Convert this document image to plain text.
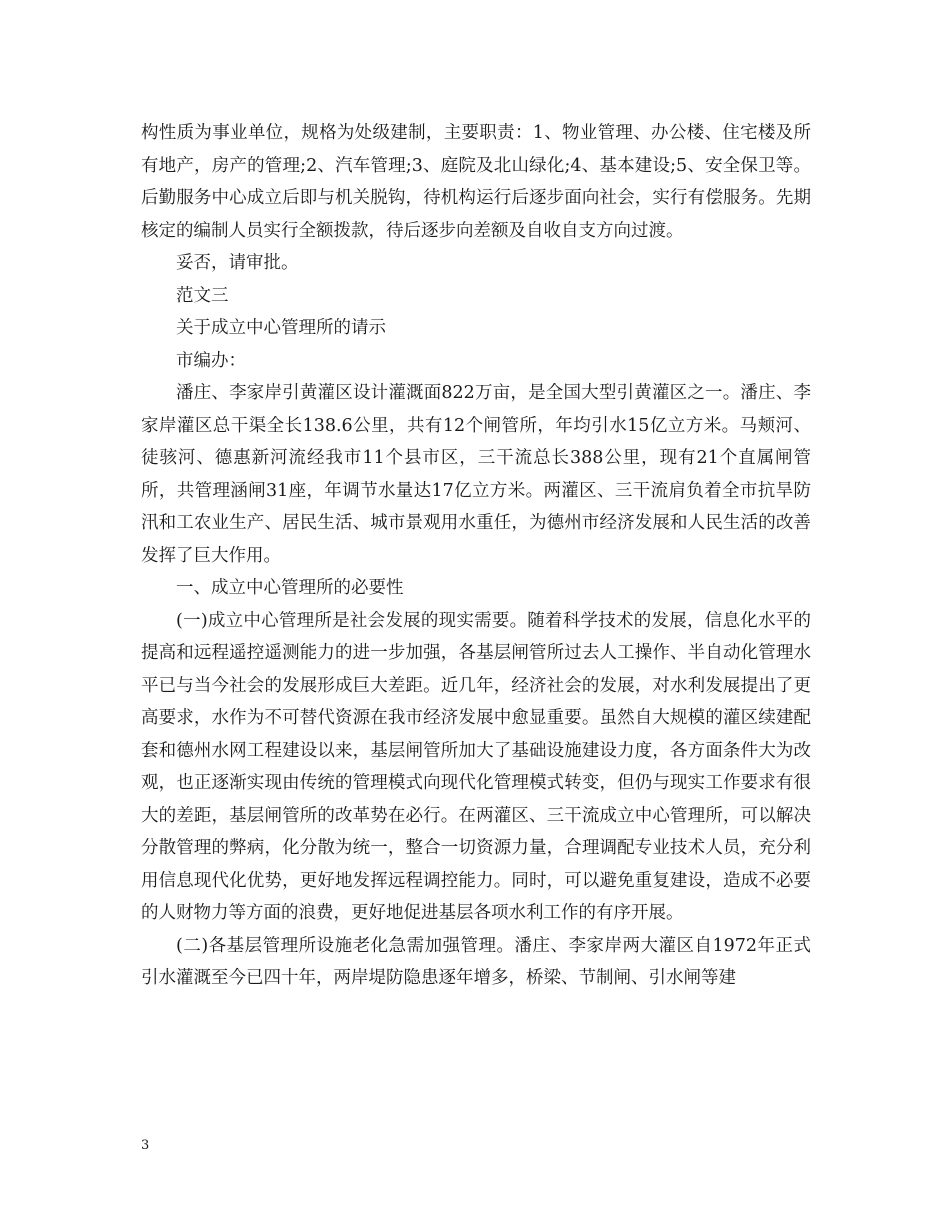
构性质为事业单位，规格为处级建制，主要职责：1、物业管理、办公楼、住宅楼及所有地产，房产的管理;2、汽车管理;3、庭院及北山绿化;4、基本建设;5、安全保卫等。后勤服务中心成立后即与机关脱钩，待机构运行后逐步面向社会，实行有偿服务。先期核定的编制人员实行全额拨款，待后逐步向差额及自收自支方向过渡。

妥否，请审批。

范文三

关于成立中心管理所的请示

市编办：

潘庄、李家岸引黄灌区设计灌溉面822万亩，是全国大型引黄灌区之一。潘庄、李家岸灌区总干渠全长138.6公里，共有12个闸管所，年均引水15亿立方米。马颊河、徒骇河、德惠新河流经我市11个县市区，三干流总长388公里，现有21个直属闸管所，共管理涵闸31座，年调节水量达17亿立方米。两灌区、三干流肩负着全市抗旱防汛和工农业生产、居民生活、城市景观用水重任，为德州市经济发展和人民生活的改善发挥了巨大作用。

一、成立中心管理所的必要性

(一)成立中心管理所是社会发展的现实需要。随着科学技术的发展，信息化水平的提高和远程遥控遥测能力的进一步加强，各基层闸管所过去人工操作、半自动化管理水平已与当今社会的发展形成巨大差距。近几年，经济社会的发展，对水利发展提出了更高要求，水作为不可替代资源在我市经济发展中愈显重要。虽然自大规模的灌区续建配套和德州水网工程建设以来，基层闸管所加大了基础设施建设力度，各方面条件大为改观，也正逐渐实现由传统的管理模式向现代化管理模式转变，但仍与现实工作要求有很大的差距，基层闸管所的改革势在必行。在两灌区、三干流成立中心管理所，可以解决分散管理的弊病，化分散为统一，整合一切资源力量，合理调配专业技术人员，充分利用信息现代化优势，更好地发挥远程调控能力。同时，可以避免重复建设，造成不必要的人财物力等方面的浪费，更好地促进基层各项水利工作的有序开展。

(二)各基层管理所设施老化急需加强管理。潘庄、李家岸两大灌区自1972年正式引水灌溉至今已四十年，两岸堤防隐患逐年增多，桥梁、节制闸、引水闸等建

3
